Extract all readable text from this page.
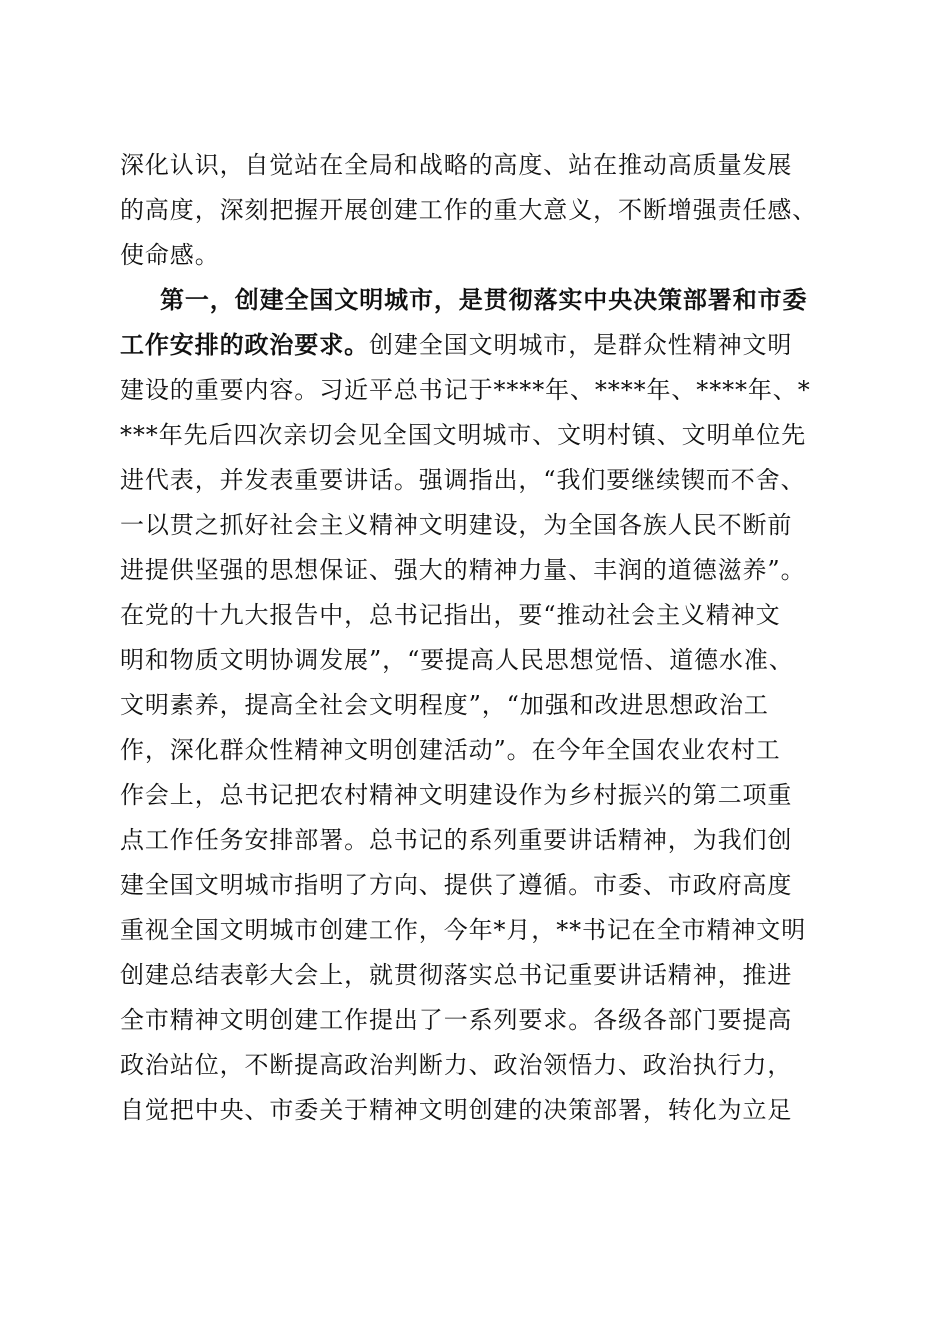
深化认识，自觉站在全局和战略的高度、站在推动高质量发展
的高度，深刻把握开展创建工作的重大意义，不断增强责任感、
使命感。
第一，创建全国文明城市，是贯彻落实中央决策部署和市委
工作安排的政治要求。创建全国文明城市，是群众性精神文明
建设的重要内容。习近平总书记于****年、****年、****年、*
***年先后四次亲切会见全国文明城市、文明村镇、文明单位先
进代表，并发表重要讲话。强调指出，“我们要继续锲而不舍、
一以贯之抓好社会主义精神文明建设，为全国各族人民不断前
进提供坚强的思想保证、强大的精神力量、丰润的道德滋养”。
在党的十九大报告中，总书记指出，要“推动社会主义精神文
明和物质文明协调发展”，“要提高人民思想觉悟、道德水准、
文明素养，提高全社会文明程度”，“加强和改进思想政治工
作，深化群众性精神文明创建活动”。在今年全国农业农村工
作会上，总书记把农村精神文明建设作为乡村振兴的第二项重
点工作任务安排部署。总书记的系列重要讲话精神，为我们创
建全国文明城市指明了方向、提供了遵循。市委、市政府高度
重视全国文明城市创建工作，今年*月，**书记在全市精神文明
创建总结表彰大会上，就贯彻落实总书记重要讲话精神，推进
全市精神文明创建工作提出了一系列要求。各级各部门要提高
政治站位，不断提高政治判断力、政治领悟力、政治执行力，
自觉把中央、市委关于精神文明创建的决策部署，转化为立足
